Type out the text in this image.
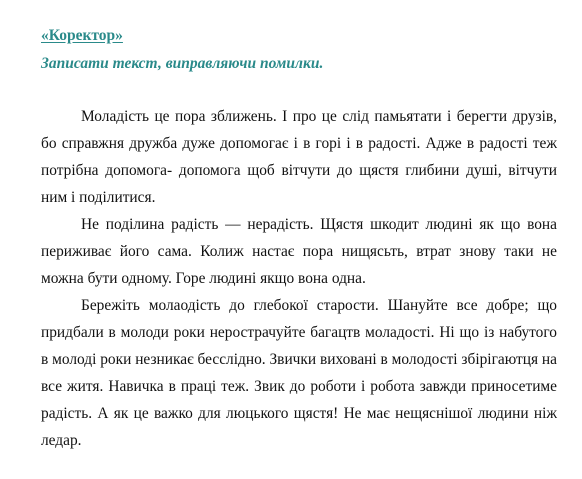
«Коректор»
Записати текст, виправляючи помилки.

Моладість це пора зближень. І про це слід памьятати і берегти друзів, бо справжня дружба дуже допомогає і в горі і в радості. Адже в радості теж потрібна допомога- допомога щоб вітчути до щястя глибини душі, вітчути ним і поділитися.

Не поділина радість — нерадість. Щястя шкодит людині як що вона периживає його сама. Колиж настає пора нищясьть, втрат знову таки не можна бути одному. Горе людині якщо вона одна.

Бережіть молаодість до глебокої старости. Шануйте все добре; що придбали в молоди роки нерострачуйте багацтв моладості. Ні що із набутого в молоді роки незникає бесслідно. Звички виховані в молодості збірігаютця на все житя. Навичка в праці теж. Звик до роботи і робота завжди приносетиме радість. А як це важко для люцького щястя! Не має нещяснішої людини ніж ледар.
